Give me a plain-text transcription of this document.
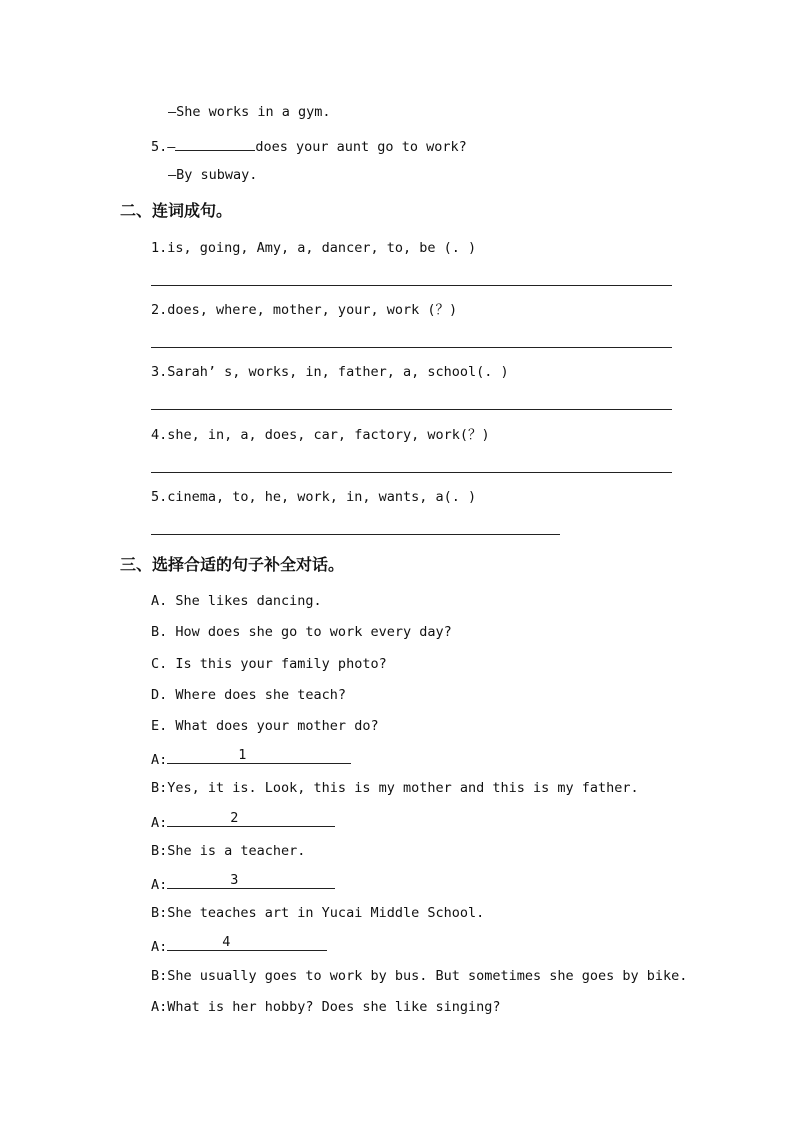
—She works in a gym.
5.—	does your aunt go to work?
—By subway.
二、连词成句。
1.is, going, Amy, a, dancer, to, be (. )
2.does, where, mother, your, work (？)
3.Sarah’ s, works, in, father, a, school(. )
4.she, in, a, does, car, factory, work(？)
5.cinema, to, he, work, in, wants, a(. )
三、选择合适的句子补全对话。
A. She likes dancing.
B. How does she go to work every day?
C. Is this your family photo?
D. Where does she teach?
E. What does your mother do?
A:	1
B:Yes, it is. Look, this is my mother and this is my father.
A:	2
B:She is a teacher.
A:	3
B:She teaches art in Yucai Middle School.
A:	4
B:She usually goes to work by bus. But sometimes she goes by bike.
A:What is her hobby? Does she like singing?
